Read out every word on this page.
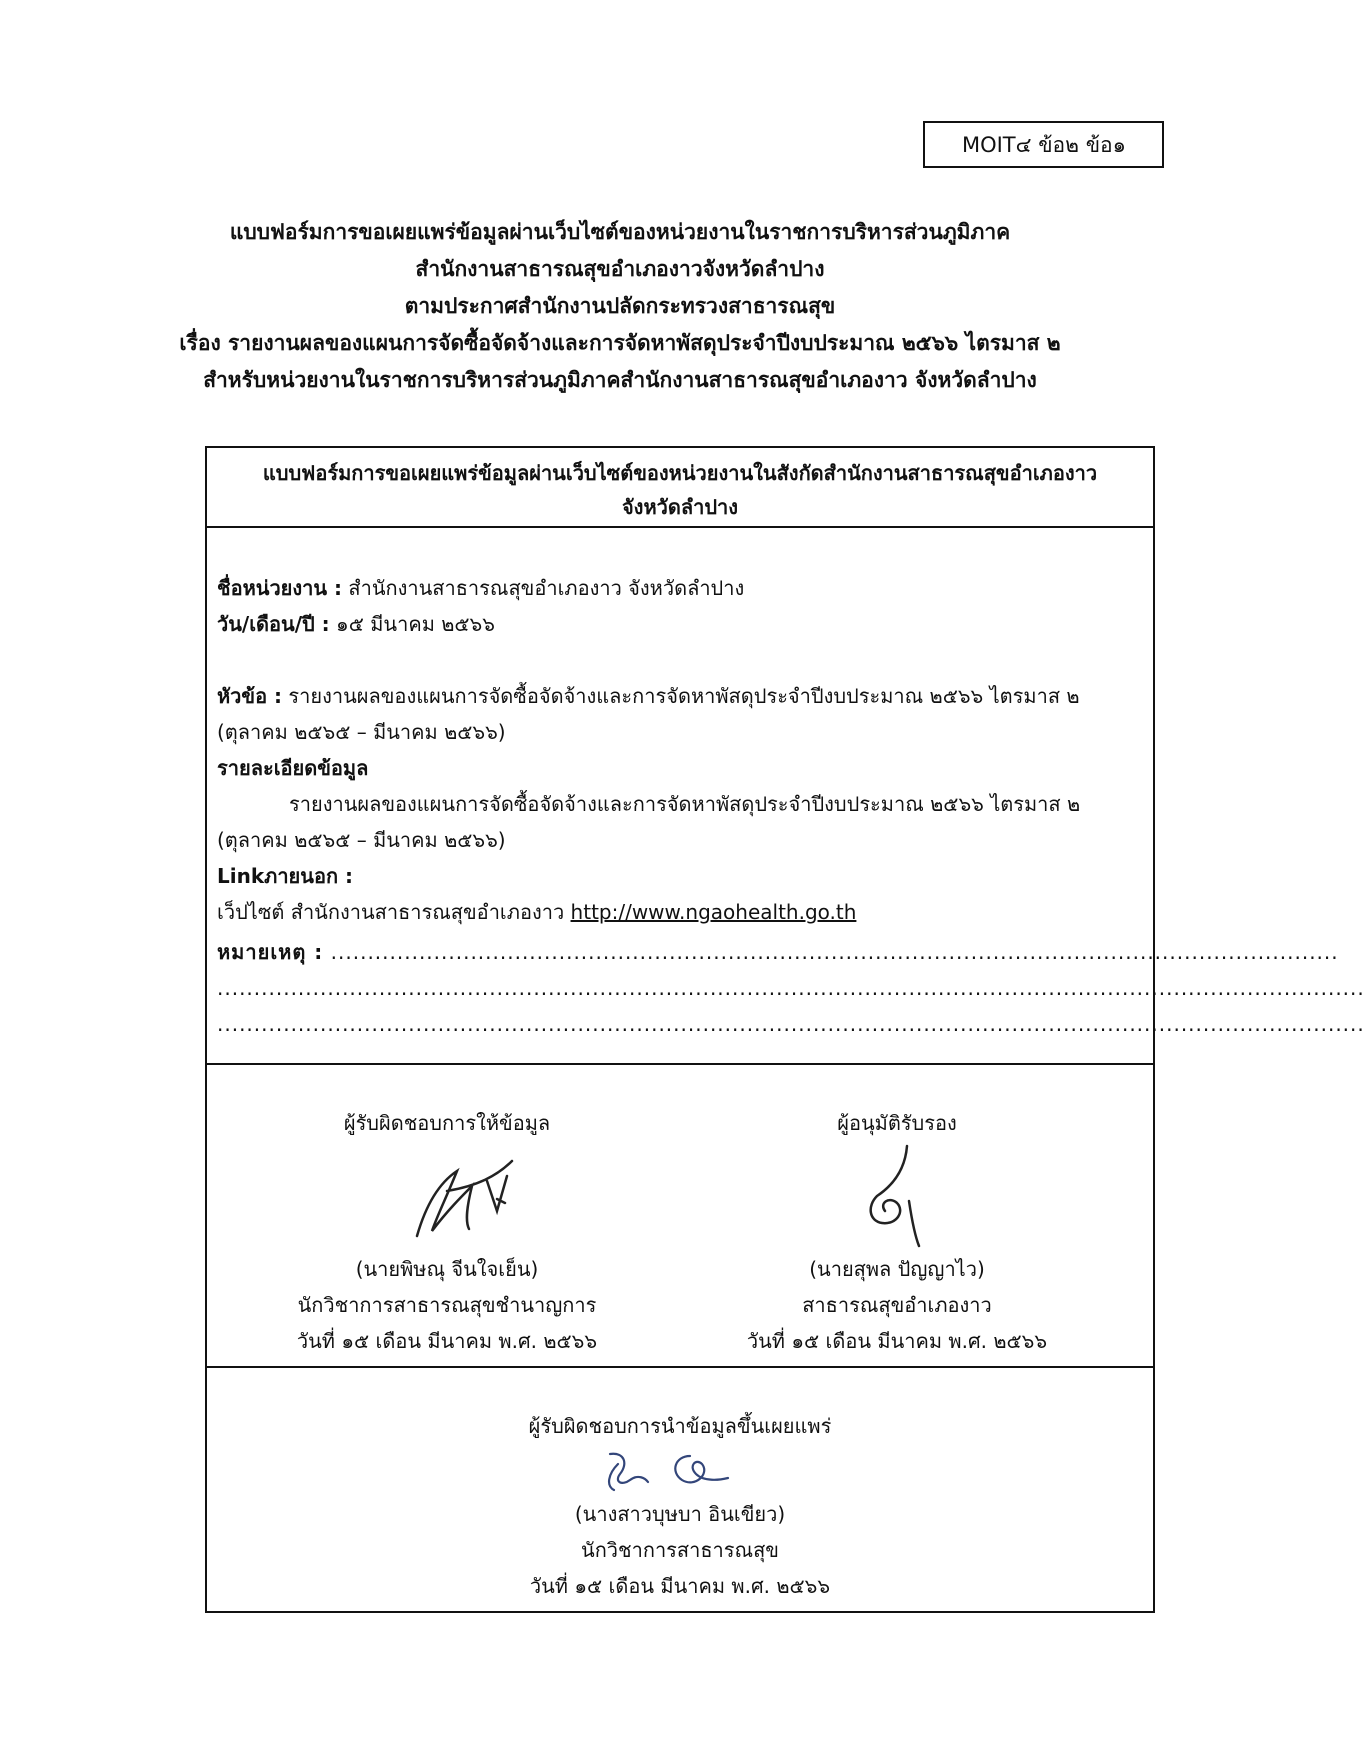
MOIT๔ ข้อ๒ ข้อ๑
แบบฟอร์มการขอเผยแพร่ข้อมูลผ่านเว็บไซต์ของหน่วยงานในราชการบริหารส่วนภูมิภาค
สำนักงานสาธารณสุขอำเภองาวจังหวัดลำปาง
ตามประกาศสำนักงานปลัดกระทรวงสาธารณสุข
เรื่อง รายงานผลของแผนการจัดซื้อจัดจ้างและการจัดหาพัสดุประจำปีงบประมาณ ๒๕๖๖ ไตรมาส ๒
สำหรับหน่วยงานในราชการบริหารส่วนภูมิภาคสำนักงานสาธารณสุขอำเภองาว จังหวัดลำปาง
แบบฟอร์มการขอเผยแพร่ข้อมูลผ่านเว็บไซต์ของหน่วยงานในสังกัดสำนักงานสาธารณสุขอำเภองาว
จังหวัดลำปาง
ชื่อหน่วยงาน : สำนักงานสาธารณสุขอำเภองาว จังหวัดลำปาง
วัน/เดือน/ปี : ๑๕ มีนาคม ๒๕๖๖
หัวข้อ : รายงานผลของแผนการจัดซื้อจัดจ้างและการจัดหาพัสดุประจำปีงบประมาณ ๒๕๖๖ ไตรมาส ๒
(ตุลาคม ๒๕๖๕ – มีนาคม ๒๕๖๖)
รายละเอียดข้อมูล
รายงานผลของแผนการจัดซื้อจัดจ้างและการจัดหาพัสดุประจำปีงบประมาณ ๒๕๖๖ ไตรมาส ๒
(ตุลาคม ๒๕๖๕ – มีนาคม ๒๕๖๖)
Linkภายนอก :
เว็ปไซต์ สำนักงานสาธารณสุขอำเภองาว http://www.ngaohealth.go.th
หมายเหตุ : .........................................................................................................................................
............................................................................................................................................................
............................................................................................................................................................
ผู้รับผิดชอบการให้ข้อมูล
(นายพิษณุ จีนใจเย็น)
นักวิชาการสาธารณสุขชำนาญการ
วันที่ ๑๕ เดือน มีนาคม พ.ศ. ๒๕๖๖
ผู้อนุมัติรับรอง
(นายสุพล ปัญญาไว)
สาธารณสุขอำเภองาว
วันที่ ๑๕ เดือน มีนาคม พ.ศ. ๒๕๖๖
ผู้รับผิดชอบการนำข้อมูลขึ้นเผยแพร่
(นางสาวบุษบา อินเขียว)
นักวิชาการสาธารณสุข
วันที่ ๑๕ เดือน มีนาคม พ.ศ. ๒๕๖๖
